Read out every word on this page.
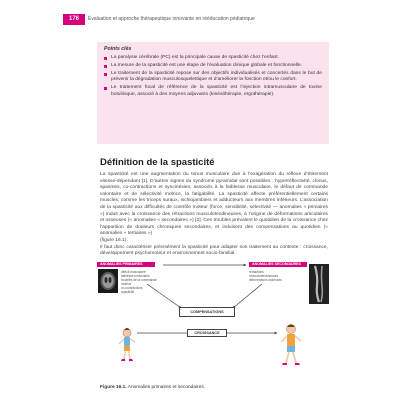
176	Évaluation et approche thérapeutique innovante en rééducation pédiatrique
Points clés
La paralysie cérébrale (PC) est la principale cause de spasticité chez l’enfant.
La mesure de la spasticité est une étape de l’évaluation clinique globale et fonctionnelle.
Le traitement de la spasticité repose sur des objectifs individualisés et concertés dans le but de prévenir la dégradation musculosquelettique et d’améliorer la fonction et/ou le confort.
Le traitement focal de référence de la spasticité est l’injection intramusculaire de toxine botulinique, associé à des moyens adjuvants (kinésithérapie, ergothérapie).
Définition de la spasticité

La spasticité est une augmentation du tonus musculaire due à l’exagération du réflexe d’étirement vitesse-dépendant [1]. D’autres signes du syndrome pyramidal sont possibles : hyperréflectivité, clonus, spasmes, co-contractions et syncinésies, associés à la faiblesse musculaire, le défaut de commande volontaire et de sélectivité motrice, la fatigabilité. La spasticité affecte préférentiellement certains muscles, comme les triceps suraux, ischiojambiers et adducteurs aux membres inférieurs. L’association de la spasticité aux difficultés de contrôle moteur (force, sensibilité, sélectivité — anomalies « primaires ») induit avec la croissance des rétractions musculotendineuses, à l’origine de déformations articulaires et osseuses (« anomalies « secondaires ») [2]. Ces troubles prévalent le quotidien de la croissance chez l’apparition de douleurs chroniques secondaires, et induisent des compensations au quotidien (« anomalies « tertiaires »)

(figure 16.1).

Il faut donc caractériser précisément la spasticité pour adapter son traitement au contexte : croissance, développement psychomoteur et environnement socio-familial.

ANOMALIES PRIMAIRES
déficit musculaire
faiblesse musculaire
troubles de la commande motrice
co-contractions
spasticité
ANOMALIES SECONDAIRES
rétractions musculotendineuses
déformations osseuses
COMPENSATIONS
CROISSANCE
Figure 16.1. Anomalies primaires et secondaires.
